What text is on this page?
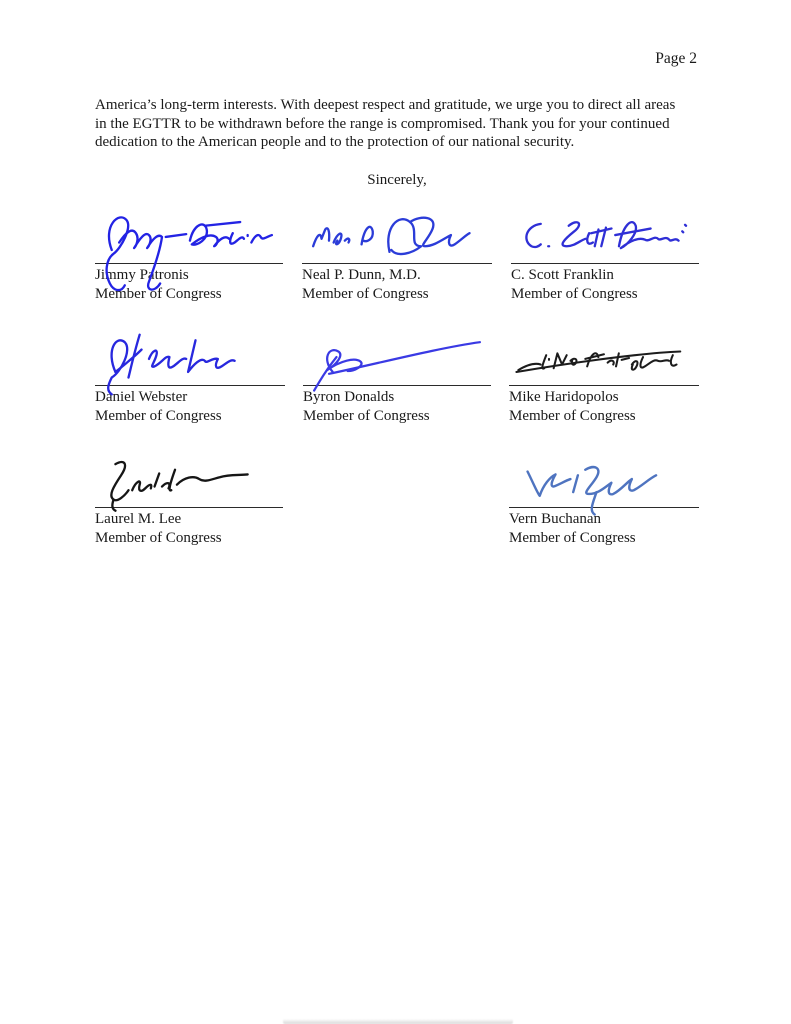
Page 2
America’s long-term interests. With deepest respect and gratitude, we urge you to direct all areas
in the EGTTR to be withdrawn before the range is compromised. Thank you for your continued
dedication to the American people and to the protection of our national security.
Sincerely,
Jimmy Patronis
Member of Congress
Neal P. Dunn, M.D.
Member of Congress
C. Scott Franklin
Member of Congress
Daniel Webster
Member of Congress
Byron Donalds
Member of Congress
Mike Haridopolos
Member of Congress
Laurel M. Lee
Member of Congress
Vern Buchanan
Member of Congress
